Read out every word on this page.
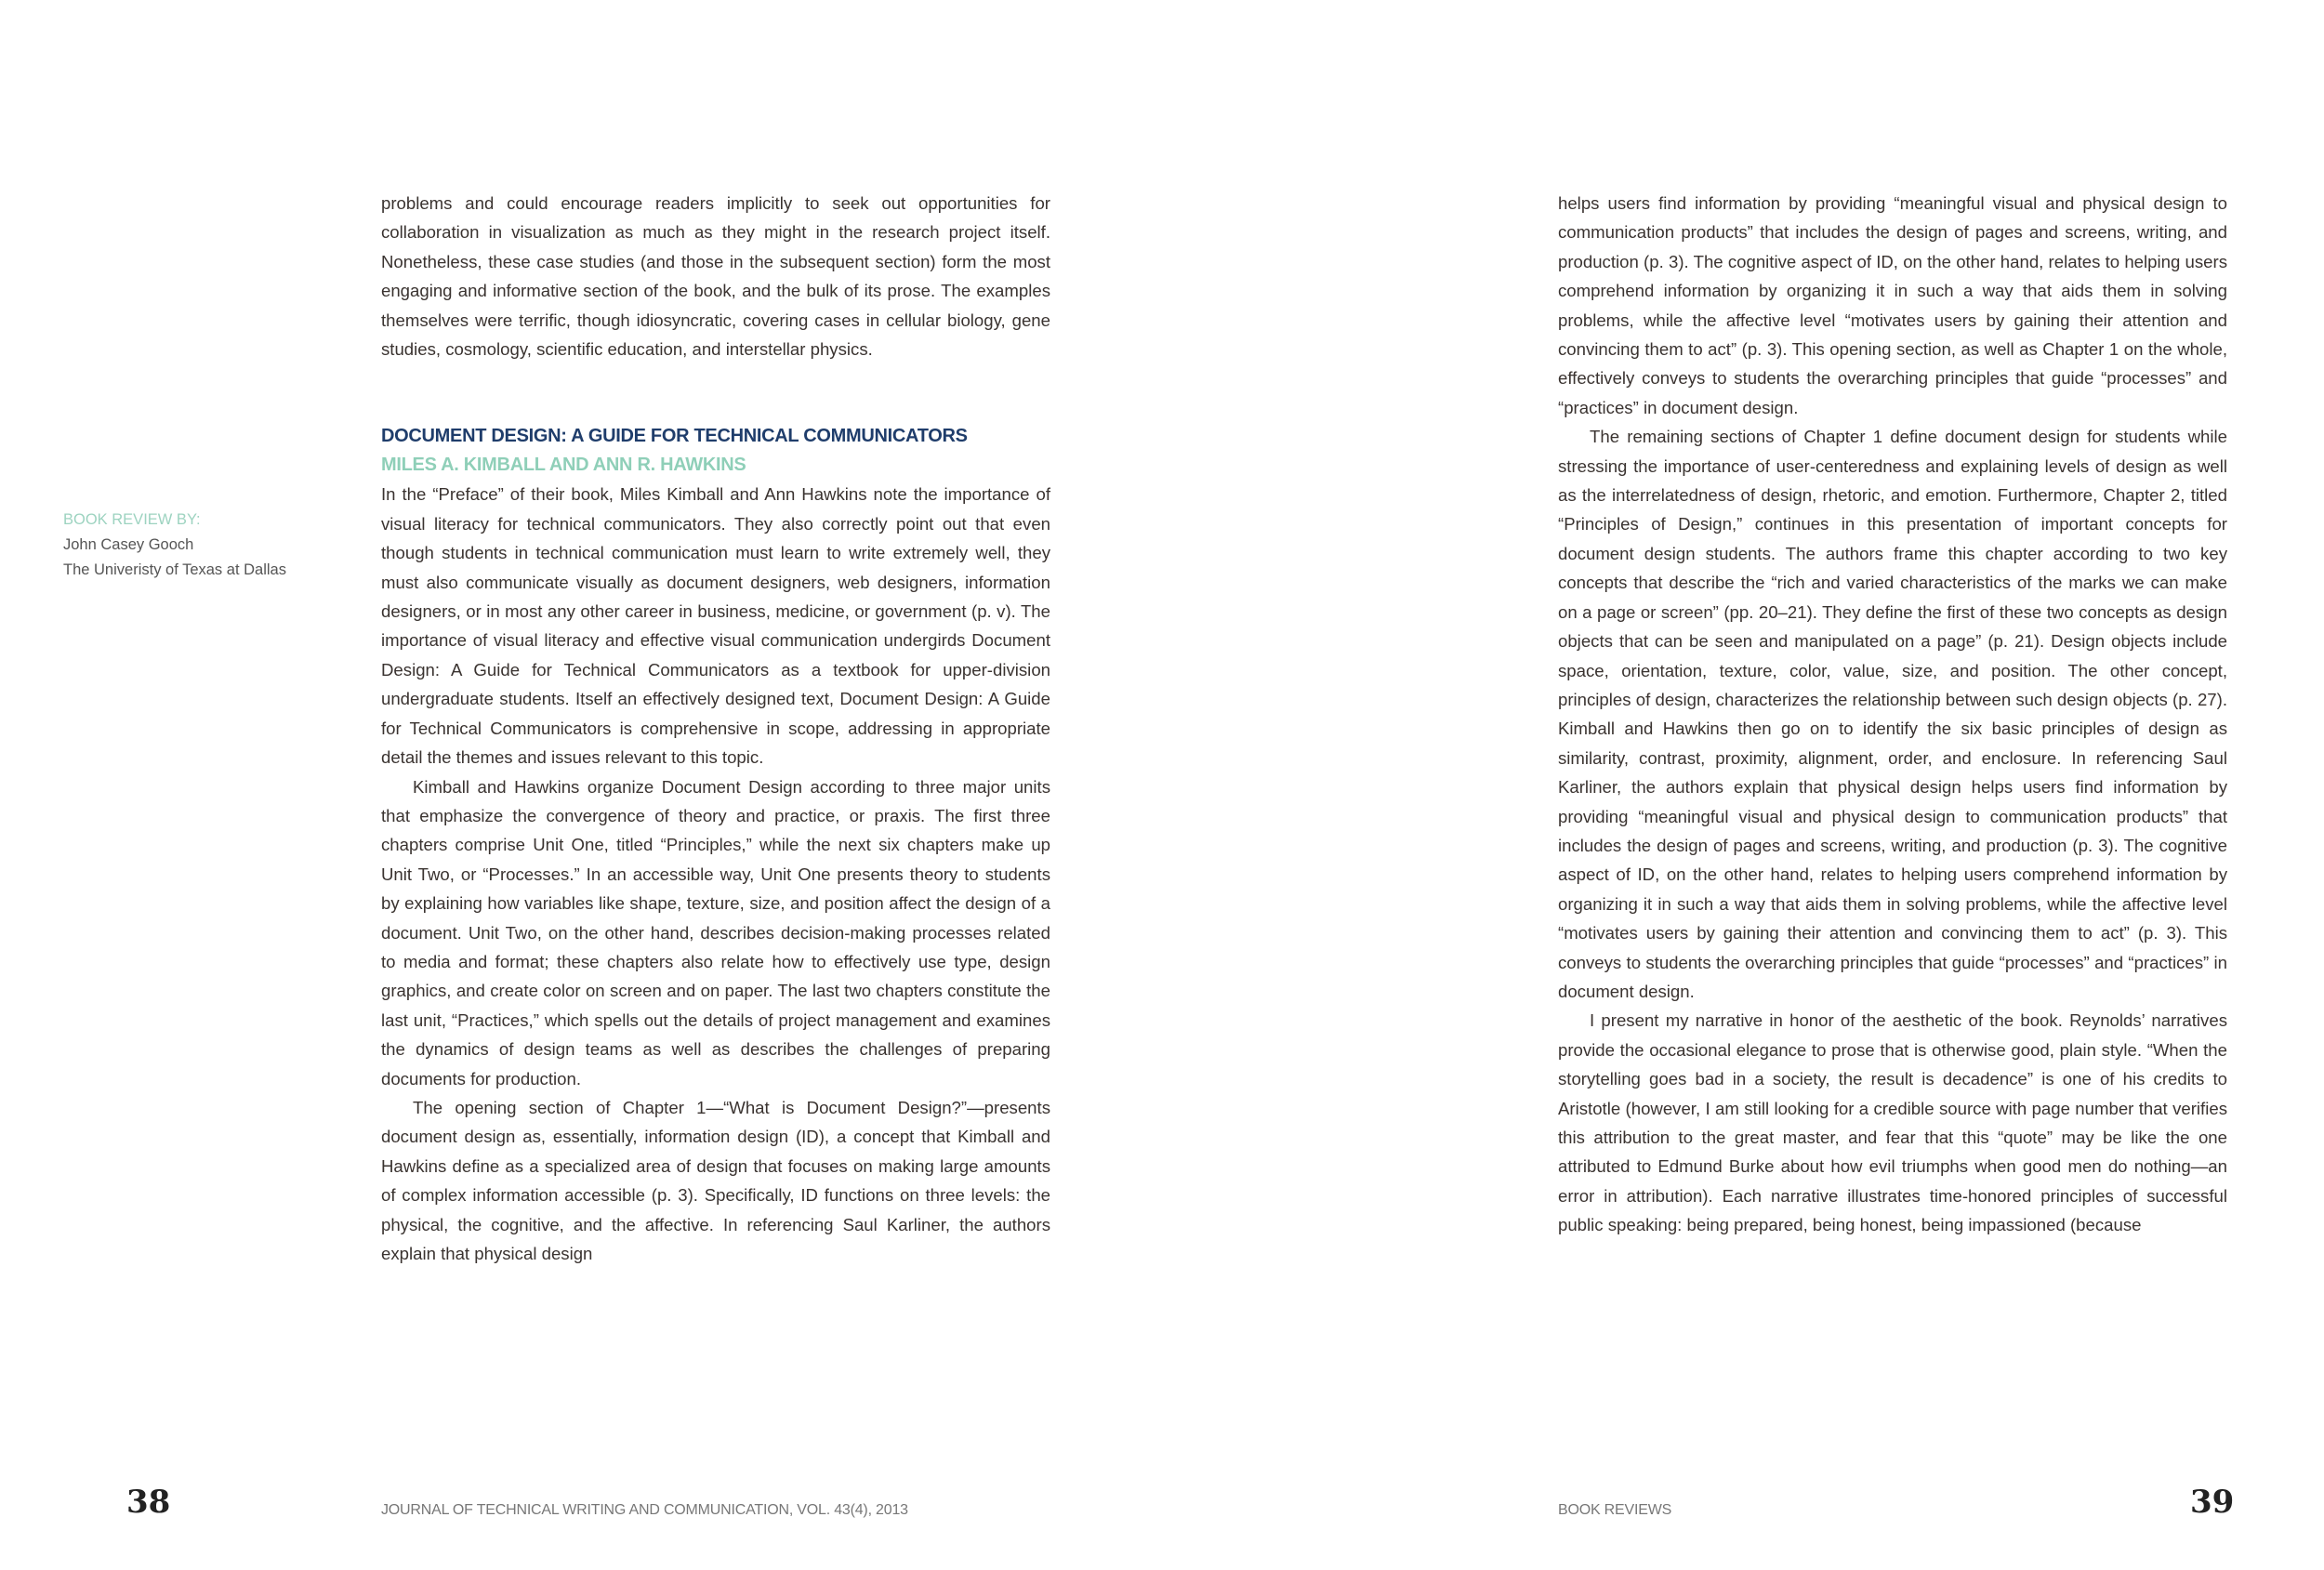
BOOK REVIEW BY:
John Casey Gooch
The Univeristy of Texas at Dallas

problems and could encourage readers implicitly to seek out opportunities for collaboration in visualization as much as they might in the research project itself. Nonetheless, these case studies (and those in the subsequent section) form the most engaging and informative section of the book, and the bulk of its prose. The examples themselves were terrific, though idiosyncratic, covering cases in cellular biology, gene studies, cosmology, scientific education, and interstellar physics.

DOCUMENT DESIGN: A GUIDE FOR TECHNICAL COMMUNICATORS
MILES A. KIMBALL AND ANN R. HAWKINS

In the “Preface” of their book, Miles Kimball and Ann Hawkins note the importance of visual literacy for technical communicators. They also correctly point out that even though students in technical communication must learn to write extremely well, they must also communicate visually as document designers, web designers, information designers, or in most any other career in business, medicine, or government (p. v). The importance of visual literacy and effective visual communication undergirds Document Design: A Guide for Technical Communicators as a textbook for upper-division undergraduate students. Itself an effectively designed text, Document Design: A Guide for Technical Communicators is comprehensive in scope, addressing in appropriate detail the themes and issues relevant to this topic.

Kimball and Hawkins organize Document Design according to three major units that emphasize the convergence of theory and practice, or praxis. The first three chapters comprise Unit One, titled “Principles,” while the next six chapters make up Unit Two, or “Processes.” In an accessible way, Unit One presents theory to students by explaining how variables like shape, texture, size, and position affect the design of a document. Unit Two, on the other hand, describes decision-making processes related to media and format; these chapters also relate how to effectively use type, design graphics, and create color on screen and on paper. The last two chapters constitute the last unit, “Practices,” which spells out the details of project management and examines the dynamics of design teams as well as describes the challenges of preparing documents for production.

The opening section of Chapter 1—“What is Document Design?”—presents document design as, essentially, information design (ID), a concept that Kimball and Hawkins define as a specialized area of design that focuses on making large amounts of complex information accessible (p. 3). Specifically, ID functions on three levels: the physical, the cognitive, and the affective. In referencing Saul Karliner, the authors explain that physical design

helps users find information by providing “meaningful visual and physical design to communication products” that includes the design of pages and screens, writing, and production (p. 3). The cognitive aspect of ID, on the other hand, relates to helping users comprehend information by organizing it in such a way that aids them in solving problems, while the affective level “motivates users by gaining their attention and convincing them to act” (p. 3). This opening section, as well as Chapter 1 on the whole, effectively conveys to students the overarching principles that guide “processes” and “practices” in document design.

The remaining sections of Chapter 1 define document design for students while stressing the importance of user-centeredness and explaining levels of design as well as the interrelatedness of design, rhetoric, and emotion. Furthermore, Chapter 2, titled “Principles of Design,” continues in this presentation of important concepts for document design students. The authors frame this chapter according to two key concepts that describe the “rich and varied characteristics of the marks we can make on a page or screen” (pp. 20–21). They define the first of these two concepts as design objects that can be seen and manipulated on a page” (p. 21). Design objects include space, orientation, texture, color, value, size, and position. The other concept, principles of design, characterizes the relationship between such design objects (p. 27). Kimball and Hawkins then go on to identify the six basic principles of design as similarity, contrast, proximity, alignment, order, and enclosure. In referencing Saul Karliner, the authors explain that physical design helps users find information by providing “meaningful visual and physical design to communication products” that includes the design of pages and screens, writing, and production (p. 3). The cognitive aspect of ID, on the other hand, relates to helping users comprehend information by organizing it in such a way that aids them in solving problems, while the affective level “motivates users by gaining their attention and convincing them to act” (p. 3). This conveys to students the overarching principles that guide “processes” and “practices” in document design.

I present my narrative in honor of the aesthetic of the book. Reynolds’ narratives provide the occasional elegance to prose that is otherwise good, plain style. “When the storytelling goes bad in a society, the result is decadence” is one of his credits to Aristotle (however, I am still looking for a credible source with page number that verifies this attribution to the great master, and fear that this “quote” may be like the one attributed to Edmund Burke about how evil triumphs when good men do nothing—an error in attribution). Each narrative illustrates time-honored principles of successful public speaking: being prepared, being honest, being impassioned (because

38	JOURNAL OF TECHNICAL WRITING AND COMMUNICATION, VOL. 43(4), 2013	BOOK REVIEWS	39
